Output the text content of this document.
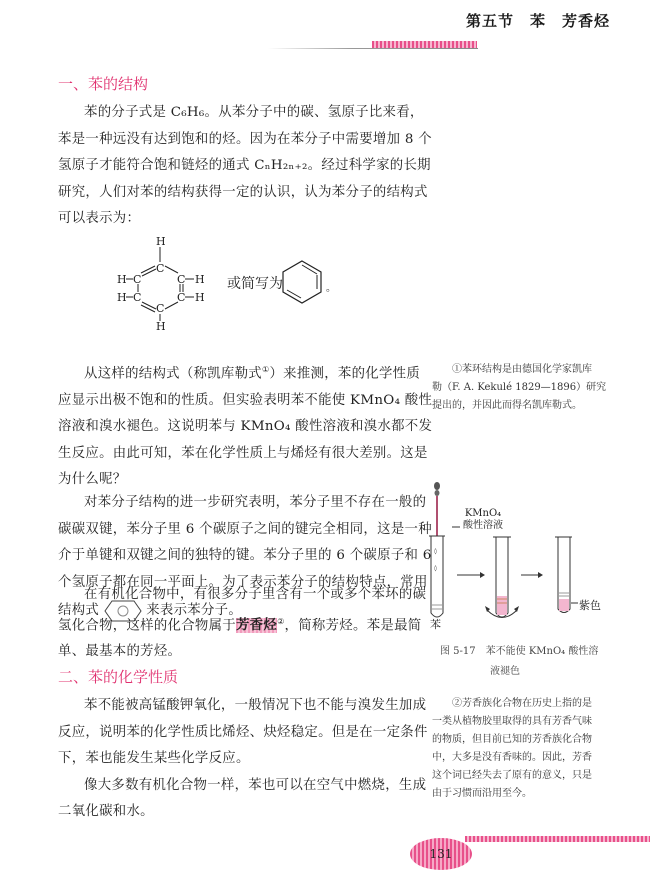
第五节　苯　芳香烃
一、苯的结构
苯的分子式是 C₆H₆。从苯分子中的碳、氢原子比来看，
苯是一种远没有达到饱和的烃。因为在苯分子中需要增加 8 个
氢原子才能符合饱和链烃的通式 CₙH₂ₙ₊₂。经过科学家的长期
研究，人们对苯的结构获得一定的认识，认为苯分子的结构式
可以表示为：
H
C
H C	C H
H C	C H
C
H
或简写为	。
从这样的结构式（称凯库勒式①）来推测，苯的化学性质
应显示出极不饱和的性质。但实验表明苯不能使 KMnO₄ 酸性
溶液和溴水褪色。这说明苯与 KMnO₄ 酸性溶液和溴水都不发
生反应。由此可知，苯在化学性质上与烯烃有很大差别。这是
为什么呢？
对苯分子结构的进一步研究表明，苯分子里不存在一般的
碳碳双键，苯分子里 6 个碳原子之间的键完全相同，这是一种
介于单键和双键之间的独特的键。苯分子里的 6 个碳原子和 6
个氢原子都在同一平面上。为了表示苯分子的结构特点，常用
结构式	来表示苯分子。
在有机化合物中，有很多分子里含有一个或多个苯环的碳
氢化合物，这样的化合物属于芳香烃②，简称芳烃。苯是最简
单、最基本的芳烃。
二、苯的化学性质
苯不能被高锰酸钾氧化，一般情况下也不能与溴发生加成
反应，说明苯的化学性质比烯烃、炔烃稳定。但是在一定条件
下，苯也能发生某些化学反应。
像大多数有机化合物一样，苯也可以在空气中燃烧，生成
二氧化碳和水。
①苯环结构是由德国化学家凯库
勒（F. A. Kekulé 1829—1896）研究
提出的，并因此而得名凯库勒式。
◊
◊
KMnO₄
酸性溶液
苯
紫色
图 5-17　苯不能使 KMnO₄ 酸性溶
液褪色
②芳香族化合物在历史上指的是
一类从植物胶里取得的具有芳香气味
的物质，但目前已知的芳香族化合物
中，大多是没有香味的。因此，芳香
这个词已经失去了原有的意义，只是
由于习惯而沿用至今。
131
